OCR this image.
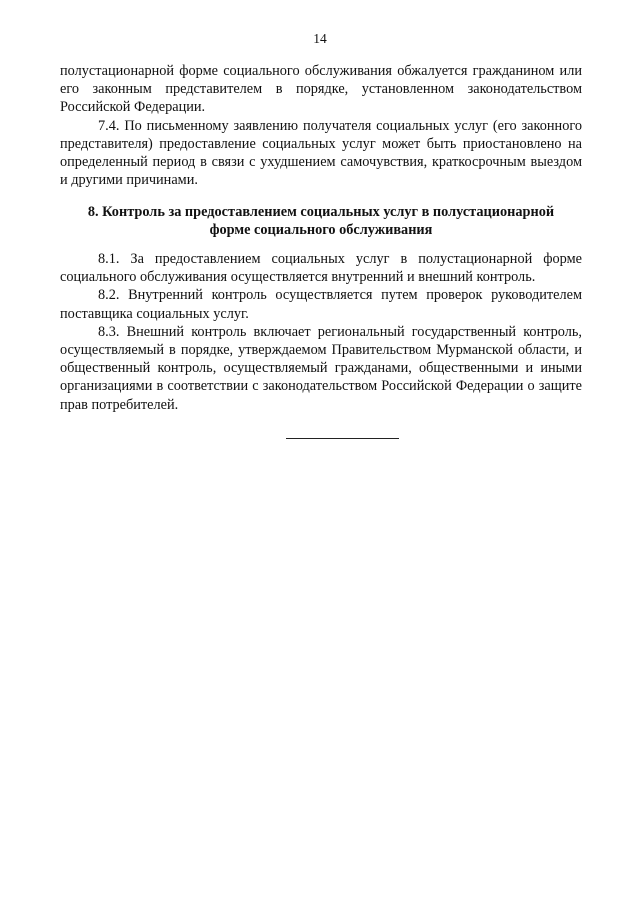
14

полустационарной форме социального обслуживания обжалуется гражданином или его законным представителем в порядке, установленном законодательством Российской Федерации.

7.4. По письменному заявлению получателя социальных услуг (его законного представителя) предоставление социальных услуг может быть приостановлено на определенный период в связи с ухудшением самочувствия, краткосрочным выездом и другими причинами.

8. Контроль за предоставлением социальных услуг в полустационарной
форме социального обслуживания

8.1. За предоставлением социальных услуг в полустационарной форме социального обслуживания осуществляется внутренний и внешний контроль.

8.2. Внутренний контроль осуществляется путем проверок руководителем поставщика социальных услуг.

8.3. Внешний контроль включает региональный государственный контроль, осуществляемый в порядке, утверждаемом Правительством Мурманской области, и общественный контроль, осуществляемый гражданами, общественными и иными организациями в соответствии с законодательством Российской Федерации о защите прав потребителей.
